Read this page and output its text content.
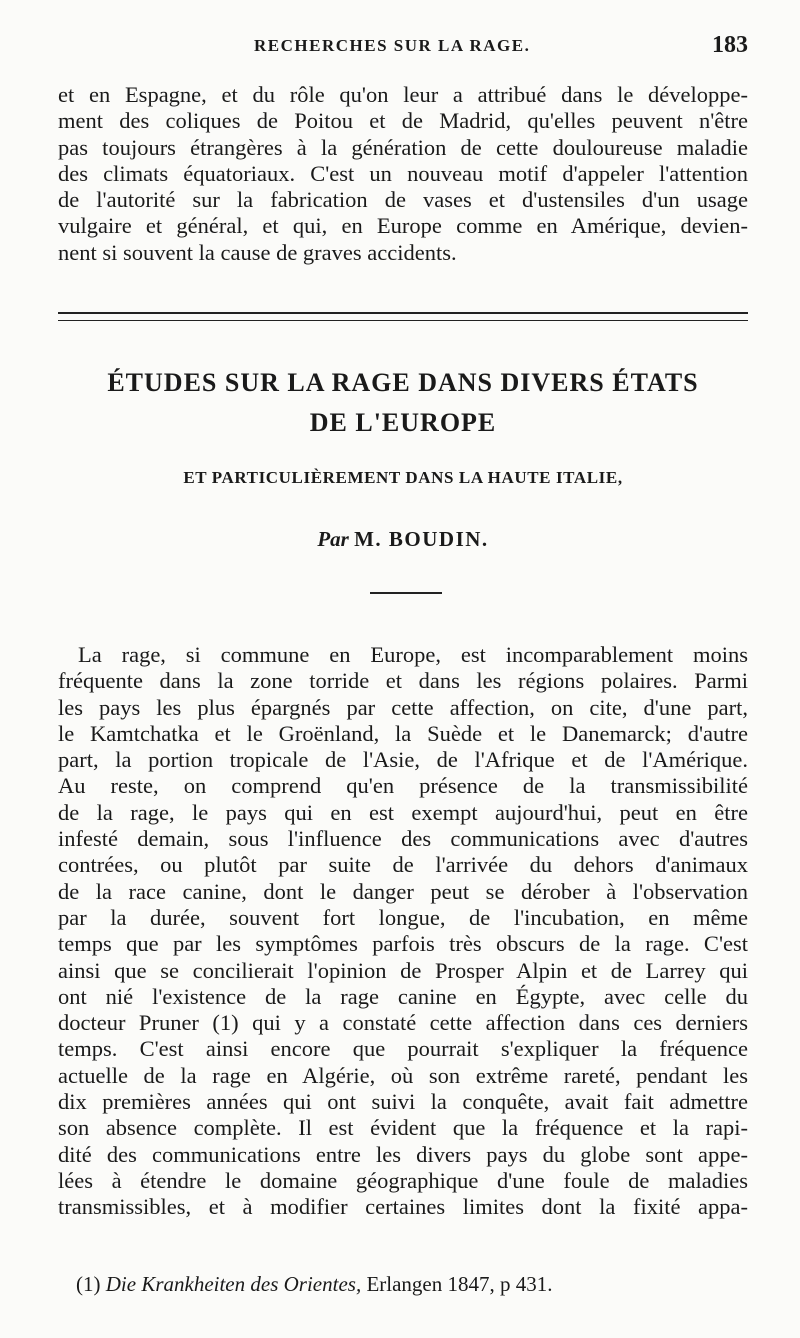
RECHERCHES SUR LA RAGE.	183
et en Espagne, et du rôle qu'on leur a attribué dans le développe-
ment des coliques de Poitou et de Madrid, qu'elles peuvent n'être
pas toujours étrangères à la génération de cette douloureuse maladie
des climats équatoriaux. C'est un nouveau motif d'appeler l'attention
de l'autorité sur la fabrication de vases et d'ustensiles d'un usage
vulgaire et général, et qui, en Europe comme en Amérique, devien-
nent si souvent la cause de graves accidents.
ÉTUDES SUR LA RAGE DANS DIVERS ÉTATS
DE L'EUROPE
ET PARTICULIÈREMENT DANS LA HAUTE ITALIE,
Par M. BOUDIN.
La rage, si commune en Europe, est incomparablement moins
fréquente dans la zone torride et dans les régions polaires. Parmi
les pays les plus épargnés par cette affection, on cite, d'une part,
le Kamtchatka et le Groënland, la Suède et le Danemarck; d'autre
part, la portion tropicale de l'Asie, de l'Afrique et de l'Amérique.
Au reste, on comprend qu'en présence de la transmissibilité
de la rage, le pays qui en est exempt aujourd'hui, peut en être
infesté demain, sous l'influence des communications avec d'autres
contrées, ou plutôt par suite de l'arrivée du dehors d'animaux
de la race canine, dont le danger peut se dérober à l'observation
par la durée, souvent fort longue, de l'incubation, en même
temps que par les symptômes parfois très obscurs de la rage. C'est
ainsi que se concilierait l'opinion de Prosper Alpin et de Larrey qui
ont nié l'existence de la rage canine en Égypte, avec celle du
docteur Pruner (1) qui y a constaté cette affection dans ces derniers
temps. C'est ainsi encore que pourrait s'expliquer la fréquence
actuelle de la rage en Algérie, où son extrême rareté, pendant les
dix premières années qui ont suivi la conquête, avait fait admettre
son absence complète. Il est évident que la fréquence et la rapi-
dité des communications entre les divers pays du globe sont appe-
lées à étendre le domaine géographique d'une foule de maladies
transmissibles, et à modifier certaines limites dont la fixité appa-
(1) Die Krankheiten des Orientes, Erlangen 1847, p 431.
